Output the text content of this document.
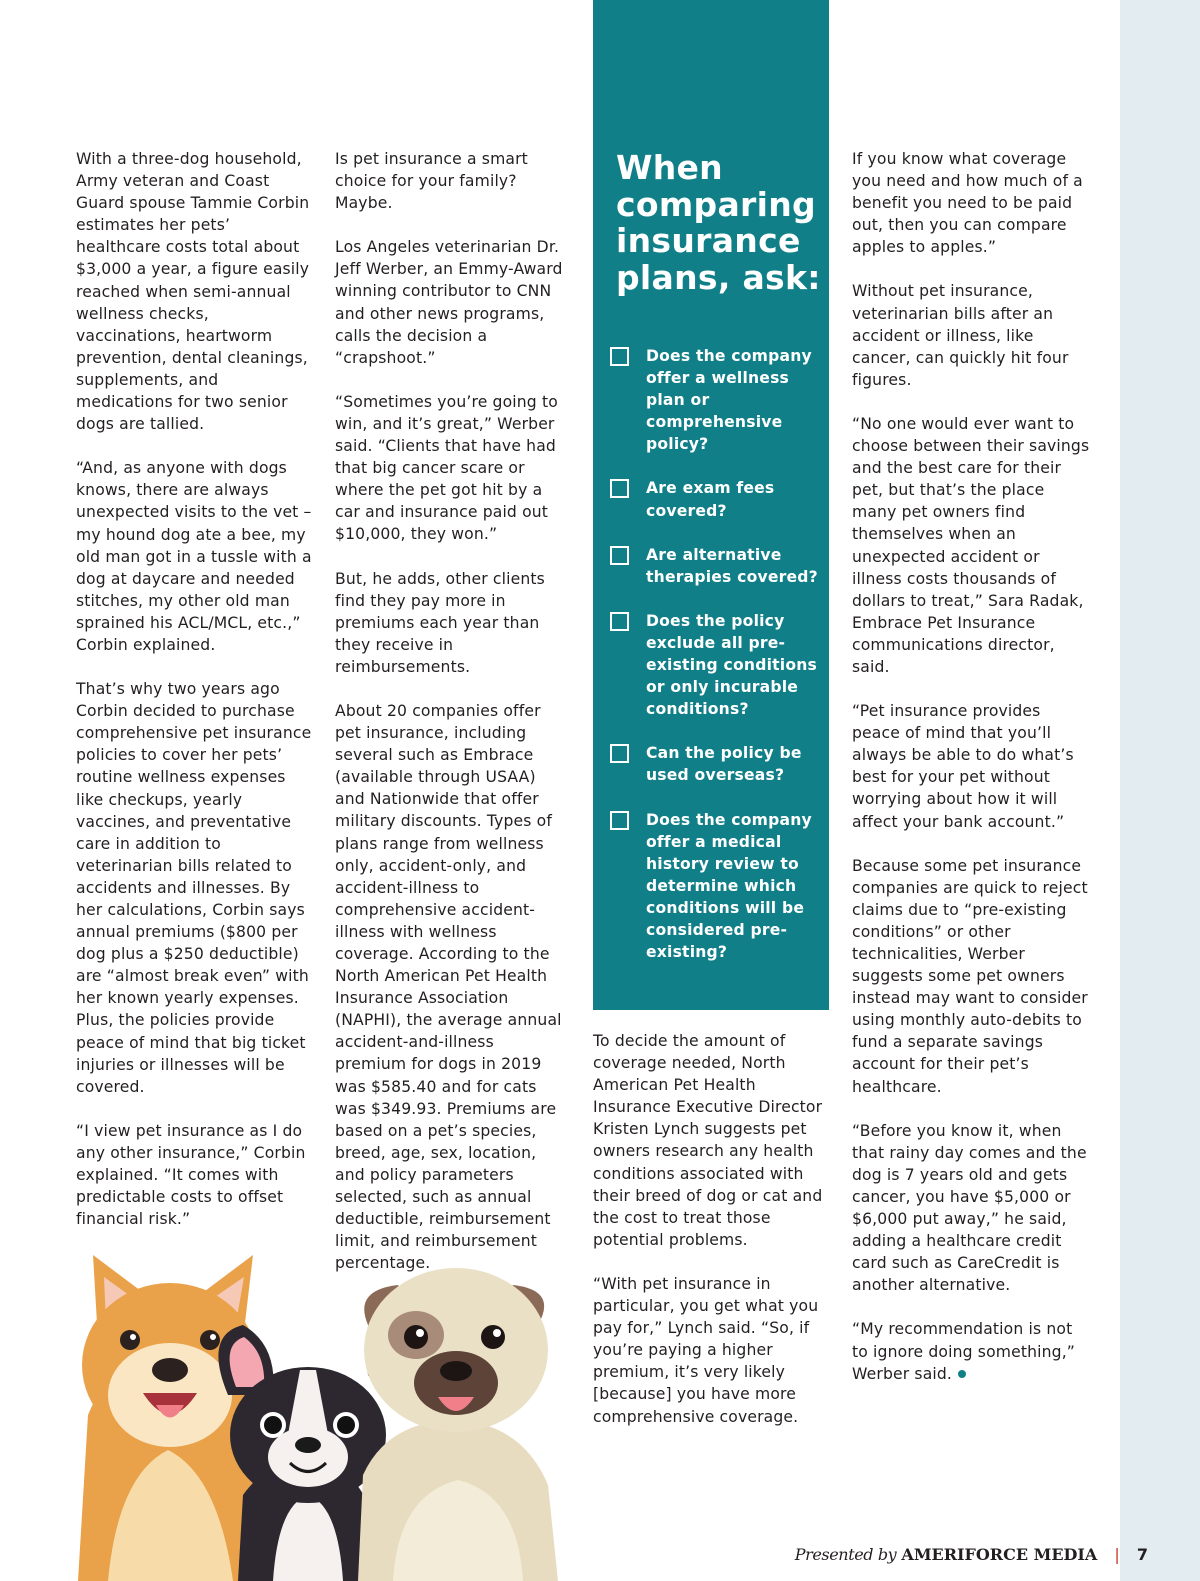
With a three-dog household, Army veteran and Coast Guard spouse Tammie Corbin estimates her pets’ healthcare costs total about $3,000 a year, a figure easily reached when semi-annual wellness checks, vaccinations, heartworm prevention, dental cleanings, supplements, and medications for two senior dogs are tallied.

“And, as anyone with dogs knows, there are always unexpected visits to the vet – my hound dog ate a bee, my old man got in a tussle with a dog at daycare and needed stitches, my other old man sprained his ACL/MCL, etc.,” Corbin explained.

That’s why two years ago Corbin decided to purchase comprehensive pet insurance policies to cover her pets’ routine wellness expenses like checkups, yearly vaccines, and preventative care in addition to veterinarian bills related to accidents and illnesses. By her calculations, Corbin says annual premiums ($800 per dog plus a $250 deductible) are “almost break even” with her known yearly expenses. Plus, the policies provide peace of mind that big ticket injuries or illnesses will be covered.

“I view pet insurance as I do any other insurance,” Corbin explained. “It comes with predictable costs to offset financial risk.”

Is pet insurance a smart choice for your family? Maybe.

Los Angeles veterinarian Dr. Jeff Werber, an Emmy-Award winning contributor to CNN and other news programs, calls the decision a “crapshoot.”

“Sometimes you’re going to win, and it’s great,” Werber said. “Clients that have had that big cancer scare or where the pet got hit by a car and insurance paid out $10,000, they won.”

But, he adds, other clients find they pay more in premiums each year than they receive in reimbursements.

About 20 companies offer pet insurance, including several such as Embrace (available through USAA) and Nationwide that offer military discounts. Types of plans range from wellness only, accident-only, and accident-illness to comprehensive accident-illness with wellness coverage. According to the North American Pet Health Insurance Association (NAPHI), the average annual accident-and-illness premium for dogs in 2019 was $585.40 and for cats was $349.93. Premiums are based on a pet’s species, breed, age, sex, location, and policy parameters selected, such as annual deductible, reimbursement limit, and reimbursement percentage.

When comparing insurance plans, ask:
Does the company offer a wellness plan or comprehensive policy?
Are exam fees covered?
Are alternative therapies covered?
Does the policy exclude all pre-existing conditions or only incurable conditions?
Can the policy be used overseas?
Does the company offer a medical history review to determine which conditions will be considered pre-existing?

To decide the amount of coverage needed, North American Pet Health Insurance Executive Director Kristen Lynch suggests pet owners research any health conditions associated with their breed of dog or cat and the cost to treat those potential problems.

“With pet insurance in particular, you get what you pay for,” Lynch said. “So, if you’re paying a higher premium, it’s very likely [because] you have more comprehensive coverage.

If you know what coverage you need and how much of a benefit you need to be paid out, then you can compare apples to apples.”

Without pet insurance, veterinarian bills after an accident or illness, like cancer, can quickly hit four figures.

“No one would ever want to choose between their savings and the best care for their pet, but that’s the place many pet owners find themselves when an unexpected accident or illness costs thousands of dollars to treat,” Sara Radak, Embrace Pet Insurance communications director, said.

“Pet insurance provides peace of mind that you’ll always be able to do what’s best for your pet without worrying about how it will affect your bank account.”

Because some pet insurance companies are quick to reject claims due to “pre-existing conditions” or other technicalities, Werber suggests some pet owners instead may want to consider using monthly auto-debits to fund a separate savings account for their pet’s healthcare.

“Before you know it, when that rainy day comes and the dog is 7 years old and gets cancer, you have $5,000 or $6,000 put away,” he said, adding a healthcare credit card such as CareCredit is another alternative.

“My recommendation is not to ignore doing something,” Werber said.

Presented by AMERIFORCE MEDIA | 7
